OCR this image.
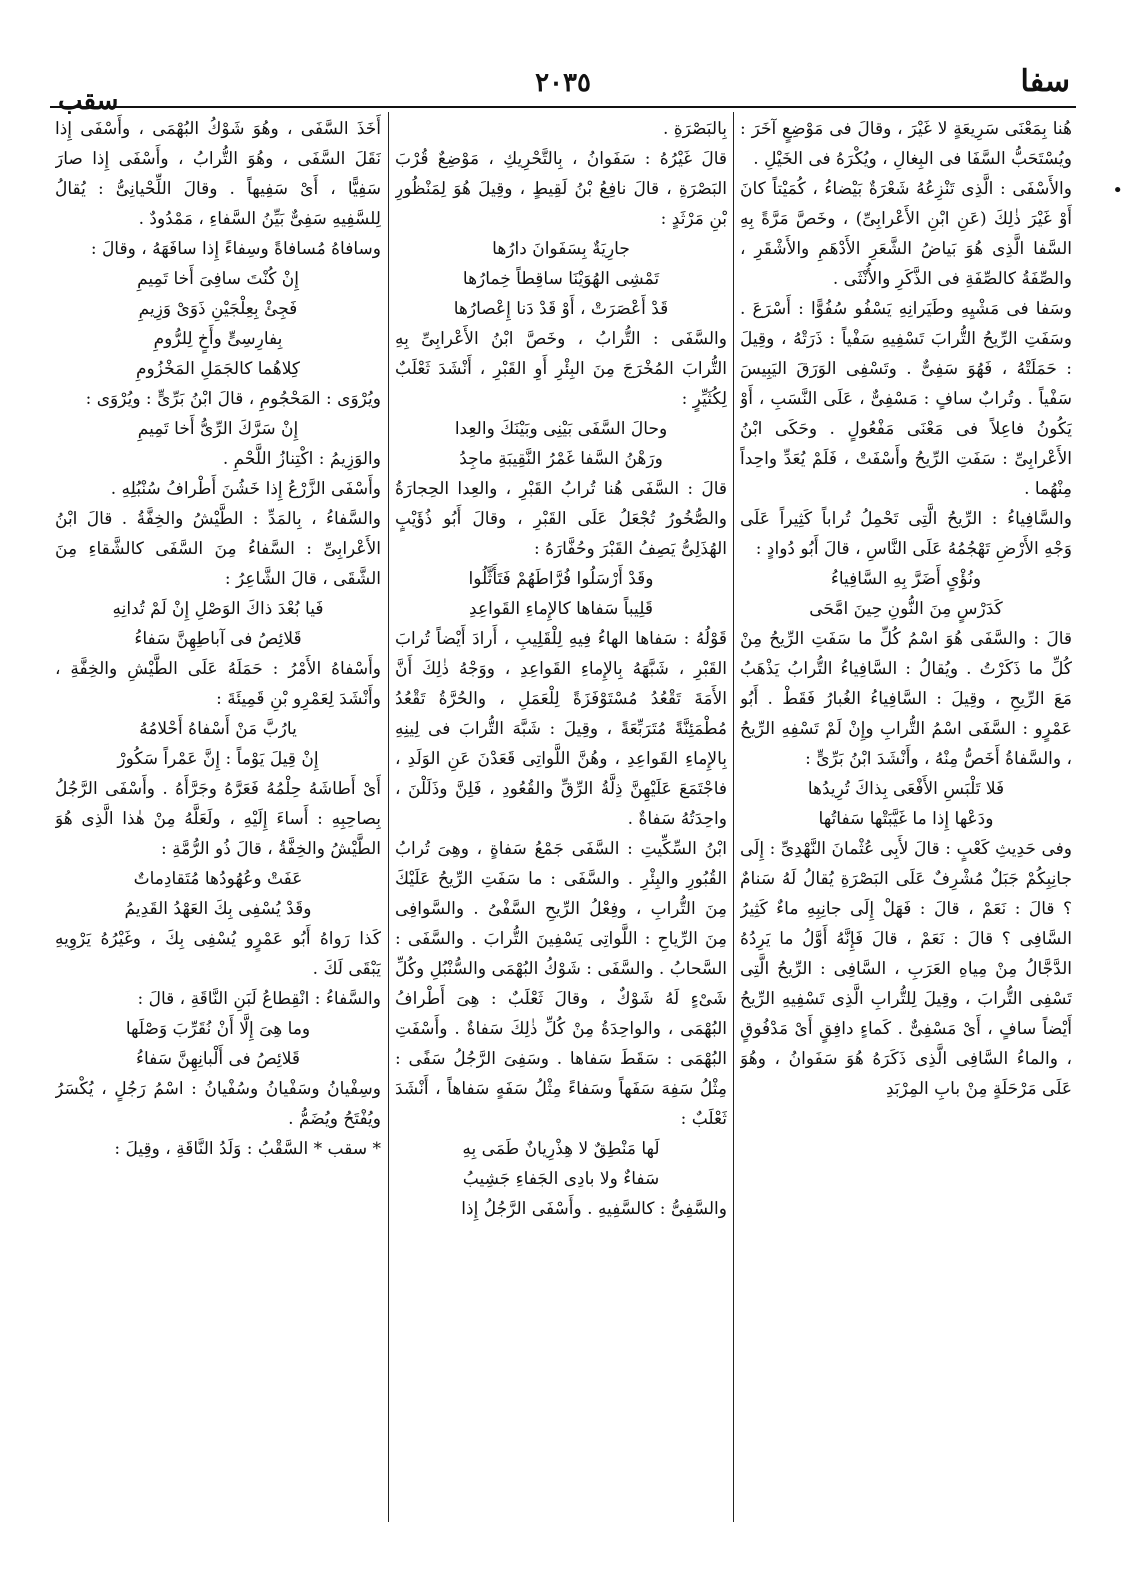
سفا
٢٠٣٥
سقب
•

هُنا بِمَعْنَى سَرِيعَةٍ لا غَيْرَ ، وقالَ فى مَوْضِعٍ آخَرَ : ويُسْتَحَبُّ السَّفَا فى البِغالِ ، ويُكْرَهُ فى الخَيْلِ .

والأَسْفَى : الَّذِى تَنْزِعُهُ شَعْرَةٌ بَيْضاءُ ، كُمَيْتاً كانَ أَوْ غَيْرَ ذٰلِكَ (عَنِ ابْنِ الأَعْرابِىِّ) ، وخَصَّ مَرَّةً بِهِ السَّفا الَّذِى هُوَ بَياضُ الشَّعَرِ الأَدْهَمِ والأَشْقَرِ ، والصِّفَةُ كالصِّفَةِ فى الذَّكَرِ والأُنْثَى .

وسَفا فى مَشْيِهِ وطَيَرانِهِ يَسْفُو سُفُوًّا : أَسْرَعَ . وسَفَتِ الرِّيحُ التُّرابَ تَسْفِيهِ سَفْياً : ذَرَتْهُ ، وقِيلَ : حَمَلَتْهُ ، فَهُوَ سَفِىٌّ . وتَسْفِى الوَرَقَ اليَبِيسَ سَفْياً . وتُرابٌ سافٍ : مَسْفِىٌّ ، عَلَى النَّسَبِ ، أَوْ يَكُونُ فاعِلاً فى مَعْنَى مَفْعُولٍ . وحَكَى ابْنُ الأَعْرابِىِّ : سَفَتِ الرِّيحُ وأَسْفَتْ ، فَلَمْ يُعَدِّ واحِداً مِنْهُما .

والسَّافِياءُ : الرِّيحُ الَّتِى تَحْمِلُ تُراباً كَثِيراً عَلَى وَجْهِ الأَرْضِ تَهْجُمُهُ عَلَى النَّاسِ ، قالَ أَبُو دُوادٍ :

ونُؤْىٍ أَضَرَّ بِهِ السَّافِياءُ

كَدَرْسٍ مِنَ النُّونِ حِينَ امَّحَى

قالَ : والسَّفَى هُوَ اسْمُ كُلِّ ما سَفَتِ الرِّيحُ مِنْ كُلِّ ما ذَكَرْتُ . ويُقالُ : السَّافِياءُ التُّرابُ يَذْهَبُ مَعَ الرِّيحِ ، وقِيلَ : السَّافِياءُ الغُبارُ فَقَطْ . أَبُو عَمْرٍو : السَّفَى اسْمُ التُّرابِ وإِنْ لَمْ تَسْفِهِ الرِّيحُ ، والسَّفاةُ أَخَصُّ مِنْهُ ، وأَنْشَدَ ابْنُ بَرِّىٍّ :

فَلا تَلْبَسِ الأَفْعَى بِذاكَ تُرِيدُها

ودَعْها إِذا ما غَيَّبَتْها سَفاتُها

وفى حَدِيثِ كَعْبٍ : قالَ لأَبِى عُثْمانَ النَّهْدِىِّ : إِلَى جانِبِكُمْ جَبَلٌ مُشْرِفٌ عَلَى البَصْرَةِ يُقالُ لَهُ سَنامٌ ؟ قالَ : نَعَمْ ، قالَ : فَهَلْ إِلَى جانِبِهِ ماءٌ كَثِيرُ السَّافِى ؟ قالَ : نَعَمْ ، قالَ فَإِنَّهُ أَوَّلُ ما يَرِدُهُ الدَّجَّالُ مِنْ مِياهِ العَرَبِ ، السَّافِى : الرِّيحُ الَّتِى تَسْفِى التُّرابَ ، وقِيلَ لِلتُّرابِ الَّذِى تَسْفِيهِ الرِّيحُ أَيْضاً سافٍ ، أَىْ مَسْفِىٌّ . كَماءٍ دافِقٍ أَىْ مَدْفُوقٍ ، والماءُ السَّافِى الَّذِى ذَكَرَهُ هُوَ سَفَوانُ ، وهُوَ عَلَى مَرْحَلَةٍ مِنْ بابِ المِرْبَدِ

بِالبَصْرَةِ .

قالَ غَيْرُهُ : سَفَوانُ ، بِالتَّحْرِيكِ ، مَوْضِعٌ قُرْبَ البَصْرَةِ ، قالَ نافِعُ بْنُ لَقِيطٍ ، وقِيلَ هُوَ لِمَنْظُورِ بْنِ مَرْثَدٍ :

جارِيَةٌ بِسَفَوانَ دارُها

تَمْشِى الهُوَيْنَا ساقِطاً خِمارُها

قَدْ أَعْصَرَتْ ، أَوْ قَدْ دَنا إِعْصارُها

والسَّفَى : التُّرابُ ، وخَصَّ ابْنُ الأَعْرابِىِّ بِهِ التُّرابَ المُخْرَجَ مِنَ البِئْرِ أَوِ القَبْرِ ، أَنْشَدَ ثَعْلَبٌ لِكُثَيِّرٍ :

وحالَ السَّفَى بَيْنِى وبَيْنَكَ والعِدا

ورَهْنُ السَّفا غَمْرُ النَّقِيبَةِ ماجِدُ

قالَ : السَّفَى هُنا تُرابُ القَبْرِ ، والعِدا الحِجارَةُ والصُّخُورُ تُجْعَلُ عَلَى القَبْرِ ، وقالَ أَبُو ذُؤَيْبٍ الهُذَلِىُّ يَصِفُ القَبْرَ وحُفَّارَهُ :

وقَدْ أَرْسَلُوا فُرَّاطَهُمْ فَتَأَثَّلُوا

قَلِيباً سَفاها كالإِماءِ القَواعِدِ

قَوْلُهُ : سَفاها الهاءُ فِيهِ لِلْقَلِيبِ ، أَرادَ أَيْضاً تُرابَ القَبْرِ ، شَبَّهَهُ بِالإِماءِ القَواعِدِ ، ووَجْهُ ذٰلِكَ أَنَّ الأَمَةَ تَقْعُدُ مُسْتَوْفَزَةً لِلْعَمَلِ ، والحُرَّةُ تَقْعُدُ مُطْمَئِنَّةً مُتَرَبِّعَةً ، وقِيلَ : شَبَّهَ التُّرابَ فى لِينِهِ بِالإِماءِ القَواعِدِ ، وهُنَّ اللَّواتِى قَعَدْنَ عَنِ الوَلَدِ ، فاجْتَمَعَ عَلَيْهِنَّ ذِلَّةُ الرِّقِّ والقُعُودِ ، فَلِنَّ وذَلَلْنَ ، واحِدَتُهُ سَفاةٌ .

ابْنُ السِّكِّيتِ : السَّفَى جَمْعُ سَفاةٍ ، وهِىَ تُرابُ القُبُورِ والبِئْرِ . والسَّفَى : ما سَفَتِ الرِّيحُ عَلَيْكَ مِنَ التُّرابِ ، وفِعْلُ الرِّيحِ السَّفْىُ . والسَّوافِى مِنَ الرِّياحِ : اللَّواتِى يَسْفِينَ التُّرابَ . والسَّفَى : السَّحابُ . والسَّفَى : شَوْكُ البُهْمَى والسُّنْبُلِ وكُلِّ شَىْءٍ لَهُ شَوْكٌ ، وقالَ ثَعْلَبٌ : هِىَ أَطْرافُ البُهْمَى ، والواحِدَةُ مِنْ كُلِّ ذٰلِكَ سَفاةٌ . وأَسْفَتِ البُهْمَى : سَقَطَ سَفاها . وسَفِىَ الرَّجُلُ سَفًى : مِثْلُ سَفِهَ سَفَهاً وسَفاءً مِثْلُ سَفَهٍ سَفاهاً ، أَنْشَدَ ثَعْلَبٌ :

لَها مَنْطِقٌ لا هِذْرِيانٌ طَمَى بِهِ

سَفاءٌ ولا بادِى الجَفاءِ جَشِيبُ

والسَّفِىُّ : كالسَّفِيهِ . وأَسْفَى الرَّجُلُ إِذا

أَخَذَ السَّفَى ، وهُوَ شَوْكُ البُهْمَى ، وأَسْفَى إِذا نَقَلَ السَّفَى ، وهُوَ التُّرابُ ، وأَسْفَى إِذا صارَ سَفِيًّا ، أَىْ سَفِيهاً . وقالَ اللِّحْيانِىُّ : يُقالُ لِلسَّفِيهِ سَفِىٌّ بَيِّنُ السَّفاءِ ، مَمْدُودٌ .

وسافاهُ مُسافاةً وسِفاءً إِذا سافَهَهُ ، وقالَ :

إِنْ كُنْتَ سافِىَ أَخا تَمِيمِ

فَجِئْ بِعِلْجَيْنِ ذَوَىْ وَزِيمِ

بِفارِسِىٍّ وأَخٍ لِلرُّومِ

كِلاهُما كالجَمَلِ المَخْزُومِ

ويُرْوَى : المَحْجُومِ ، قالَ ابْنُ بَرِّىٍّ : ويُرْوَى :

إِنْ سَرَّكَ الرِّىُّ أَخا تَمِيمِ

والوَزِيمُ : اكْتِنازُ اللَّحْمِ .

وأَسْفَى الزَّرْعُ إِذا خَشُنَ أَطْرافُ سُنْبُلِهِ .

والسَّفاءُ ، بِالمَدِّ : الطَّيْشُ والخِفَّةُ . قالَ ابْنُ الأَعْرابِىِّ : السَّفاءُ مِنَ السَّفَى كالشَّقاءِ مِنَ الشَّقَى ، قالَ الشَّاعِرُ :

فَيا بُعْدَ ذاكَ الوَصْلِ إِنْ لَمْ تُدانِهِ

قَلائِصُ فى آباطِهِنَّ سَفاءُ

وأَسْفاهُ الأَمْرُ : حَمَلَهُ عَلَى الطَّيْشِ والخِفَّةِ ، وأَنْشَدَ لِعَمْرِو بْنِ قَمِيئَةَ :

يارُبَّ مَنْ أَسْفاهُ أَحْلامُهُ

إِنْ قِيلَ يَوْماً : إِنَّ عَمْراً سَكُورْ

أَىْ أَطاشَهُ حِلْمُهُ فَعَرَّهُ وجَرَّأَهُ . وأَسْفَى الرَّجُلُ بِصاحِبِهِ : أَساءَ إِلَيْهِ ، ولَعَلَّهُ مِنْ هٰذا الَّذِى هُوَ الطَّيْشُ والخِفَّةُ ، قالَ ذُو الرُّمَّةِ :

عَفَتْ وعُهُودُها مُتَقادِماتٌ

وقَدْ يُسْفِى بِكَ العَهْدُ القَدِيمُ

كَذا رَواهُ أَبُو عَمْرٍو يُسْفِى بِكَ ، وغَيْرُهُ يَرْوِيهِ يَبْقَى لَكَ .

والسَّفاءُ : انْقِطاعُ لَبَنِ النَّاقَةِ ، قالَ :

وما هِىَ إِلَّا أَنْ نُقَرِّبَ وَصْلَها

قَلائِصُ فى أَلْبانِهِنَّ سَفاءُ

وسِفْيانُ وسَفْيانُ وسُفْيانُ : اسْمُ رَجُلٍ ، يُكْسَرُ ويُفْتَحُ ويُضَمُّ .

* سقب * السَّقْبُ : وَلَدُ النَّاقَةِ ، وقِيلَ :
